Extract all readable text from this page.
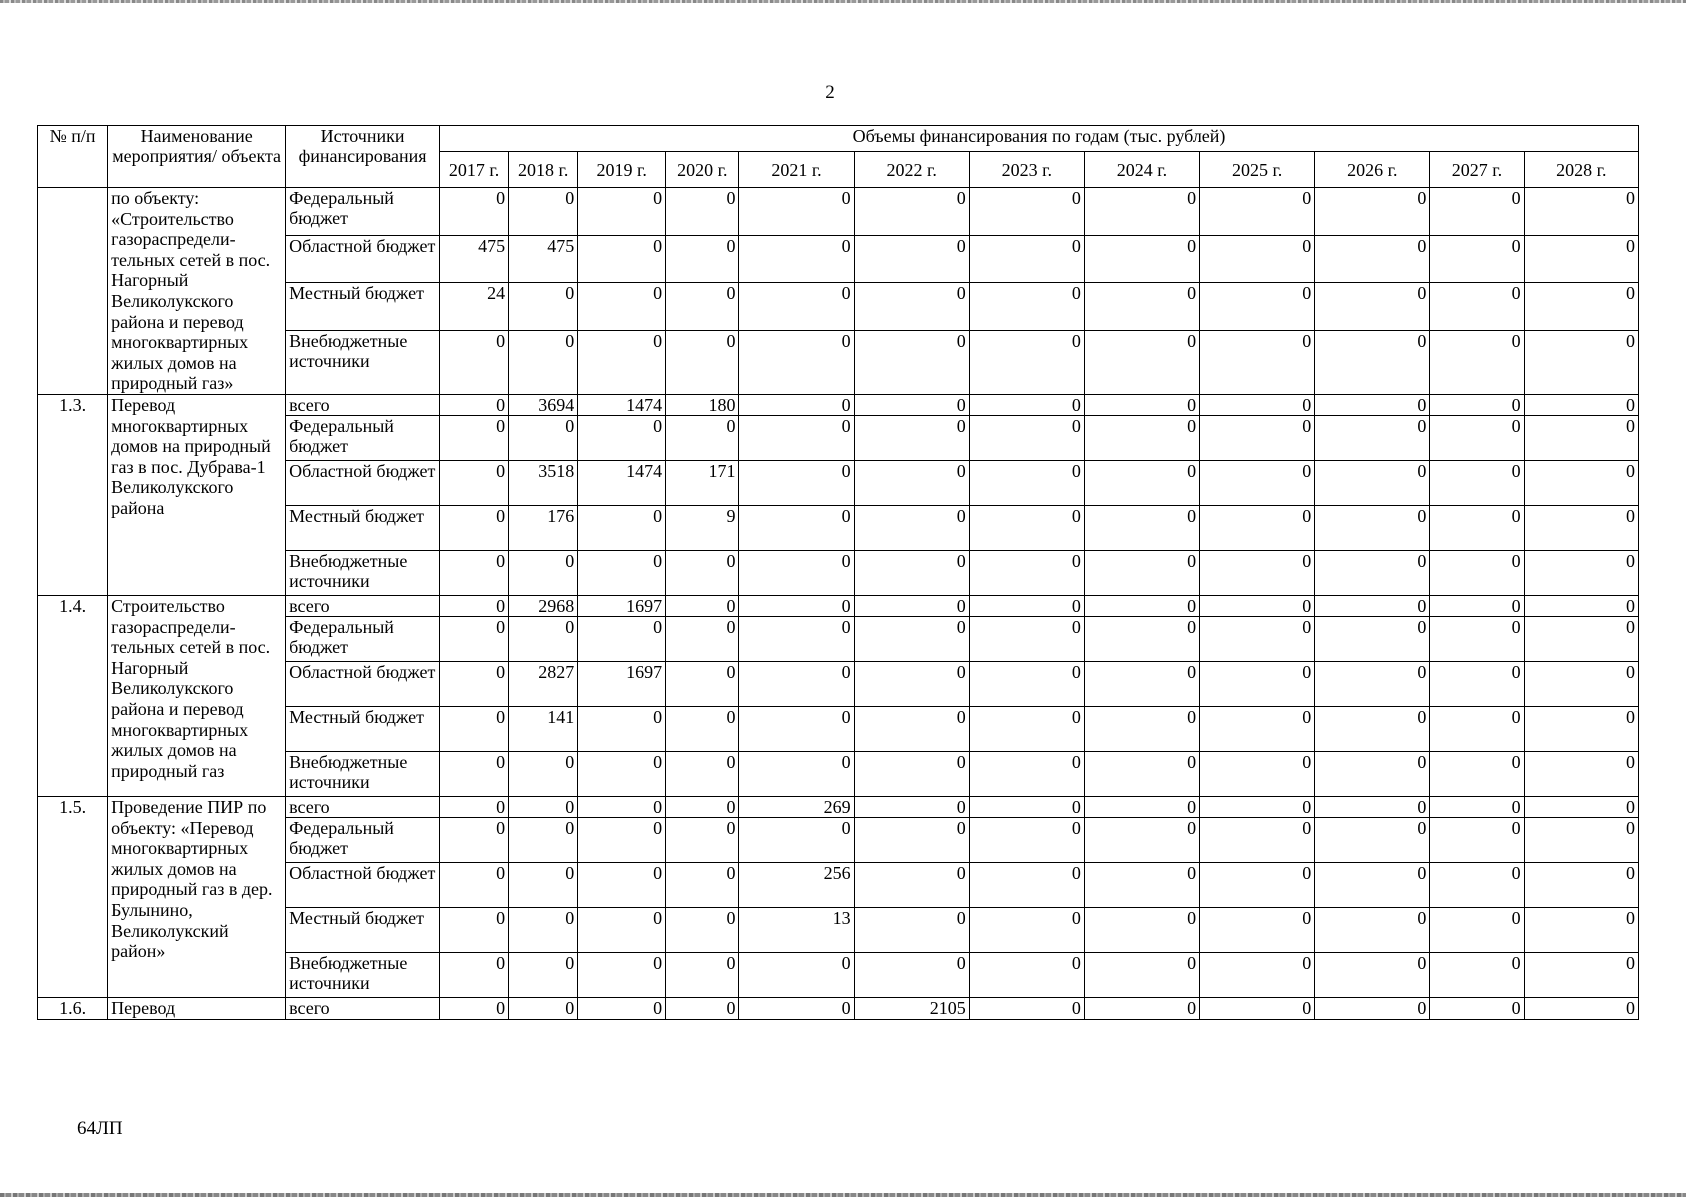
2
№ п/п	Наименование мероприятия/ объекта	Источники финансирования	Объемы финансирования по годам (тыс. рублей)											
			2017 г.	2018 г.	2019 г.	2020 г.	2021 г.	2022 г.	2023 г.	2024 г.	2025 г.	2026 г.	2027 г.	2028 г.
	по объекту: «Строительство газораспредели-тельных сетей в пос. Нагорный Великолукского района и перевод многоквартирных жилых домов на природный газ»	Федеральный бюджет	0	0	0	0	0	0	0	0	0	0	0	0
		Областной бюджет	475	475	0	0	0	0	0	0	0	0	0	0
		Местный бюджет	24	0	0	0	0	0	0	0	0	0	0	0
		Внебюджетные источники	0	0	0	0	0	0	0	0	0	0	0	0
1.3.	Перевод многоквартирных домов на природный газ в пос. Дубрава-1 Великолукского района	всего	0	3694	1474	180	0	0	0	0	0	0	0	0
		Федеральный бюджет	0	0	0	0	0	0	0	0	0	0	0	0
		Областной бюджет	0	3518	1474	171	0	0	0	0	0	0	0	0
		Местный бюджет	0	176	0	9	0	0	0	0	0	0	0	0
		Внебюджетные источники	0	0	0	0	0	0	0	0	0	0	0	0
1.4.	Строительство газораспредели-тельных сетей в пос. Нагорный Великолукского района и перевод многоквартирных жилых домов на природный газ	всего	0	2968	1697	0	0	0	0	0	0	0	0	0
		Федеральный бюджет	0	0	0	0	0	0	0	0	0	0	0	0
		Областной бюджет	0	2827	1697	0	0	0	0	0	0	0	0	0
		Местный бюджет	0	141	0	0	0	0	0	0	0	0	0	0
		Внебюджетные источники	0	0	0	0	0	0	0	0	0	0	0	0
1.5.	Проведение ПИР по объекту: «Перевод многоквартирных жилых домов на природный газ в дер. Булынино, Великолукский район»	всего	0	0	0	0	269	0	0	0	0	0	0	0
		Федеральный бюджет	0	0	0	0	0	0	0	0	0	0	0	0
		Областной бюджет	0	0	0	0	256	0	0	0	0	0	0	0
		Местный бюджет	0	0	0	0	13	0	0	0	0	0	0	0
		Внебюджетные источники	0	0	0	0	0	0	0	0	0	0	0	0
1.6.	Перевод	всего	0	0	0	0	0	2105	0	0	0	0	0	0
64ЛП
